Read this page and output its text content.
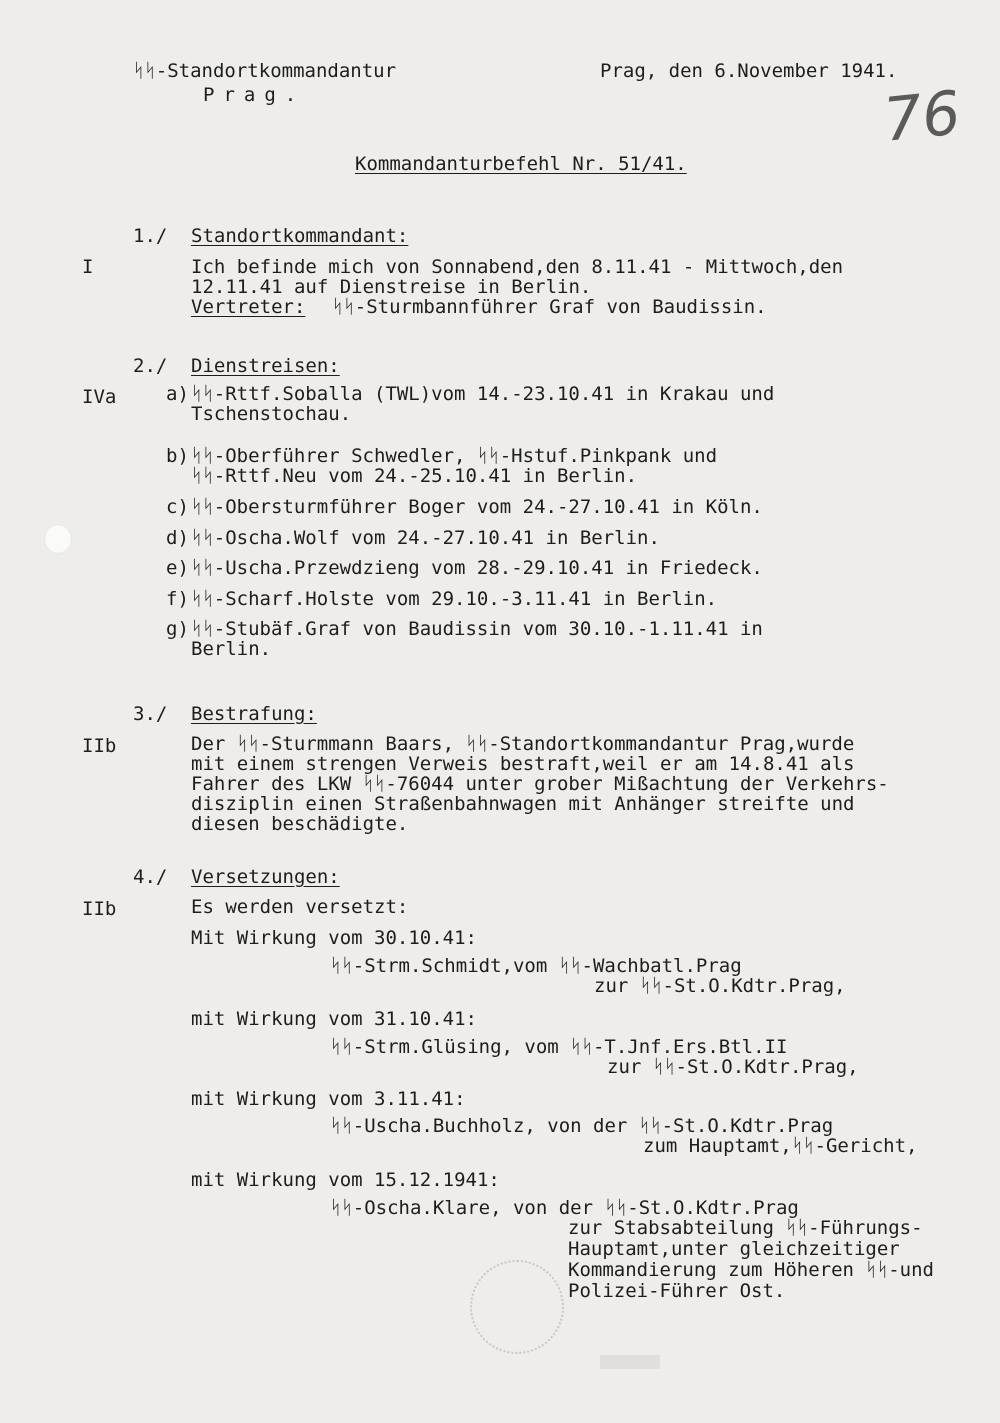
ᛋᛋ-Standortkommandantur
Prag.
Prag, den 6.November 1941.
76
Kommandanturbefehl Nr. 51/41.
1./ Standortkommandant:
I	Ich befinde mich von Sonnabend,den 8.11.41 - Mittwoch,den
12.11.41 auf Dienstreise in Berlin.
Vertreter: ᛋᛋ-Sturmbannführer Graf von Baudissin.
2./ Dienstreisen:
IVa	a) ᛋᛋ-Rttf.Soballa (TWL)vom 14.-23.10.41 in Krakau und
Tschenstochau.
b) ᛋᛋ-Oberführer Schwedler, ᛋᛋ-Hstuf.Pinkpank und
ᛋᛋ-Rttf.Neu vom 24.-25.10.41 in Berlin.
c) ᛋᛋ-Obersturmführer Boger vom 24.-27.10.41 in Köln.
d) ᛋᛋ-Oscha.Wolf vom 24.-27.10.41 in Berlin.
e) ᛋᛋ-Uscha.Przewdzieng vom 28.-29.10.41 in Friedeck.
f) ᛋᛋ-Scharf.Holste vom 29.10.-3.11.41 in Berlin.
g) ᛋᛋ-Stubäf.Graf von Baudissin vom 30.10.-1.11.41 in
Berlin.
3./ Bestrafung:
IIb	Der ᛋᛋ-Sturmmann Baars, ᛋᛋ-Standortkommandantur Prag,wurde
mit einem strengen Verweis bestraft,weil er am 14.8.41 als
Fahrer des LKW ᛋᛋ-76044 unter grober Mißachtung der Verkehrs-
disziplin einen Straßenbahnwagen mit Anhänger streifte und
diesen beschädigte.
4./ Versetzungen:
IIb	Es werden versetzt:
Mit Wirkung vom 30.10.41:
ᛋᛋ-Strm.Schmidt,vom ᛋᛋ-Wachbatl.Prag
zur ᛋᛋ-St.O.Kdtr.Prag,
mit Wirkung vom 31.10.41:
ᛋᛋ-Strm.Glüsing, vom ᛋᛋ-T.Jnf.Ers.Btl.II
zur ᛋᛋ-St.O.Kdtr.Prag,
mit Wirkung vom 3.11.41:
ᛋᛋ-Uscha.Buchholz, von der ᛋᛋ-St.O.Kdtr.Prag
zum Hauptamt,ᛋᛋ-Gericht,
mit Wirkung vom 15.12.1941:
ᛋᛋ-Oscha.Klare, von der ᛋᛋ-St.O.Kdtr.Prag
zur Stabsabteilung ᛋᛋ-Führungs-
Hauptamt,unter gleichzeitiger
Kommandierung zum Höheren ᛋᛋ-und
Polizei-Führer Ost.
